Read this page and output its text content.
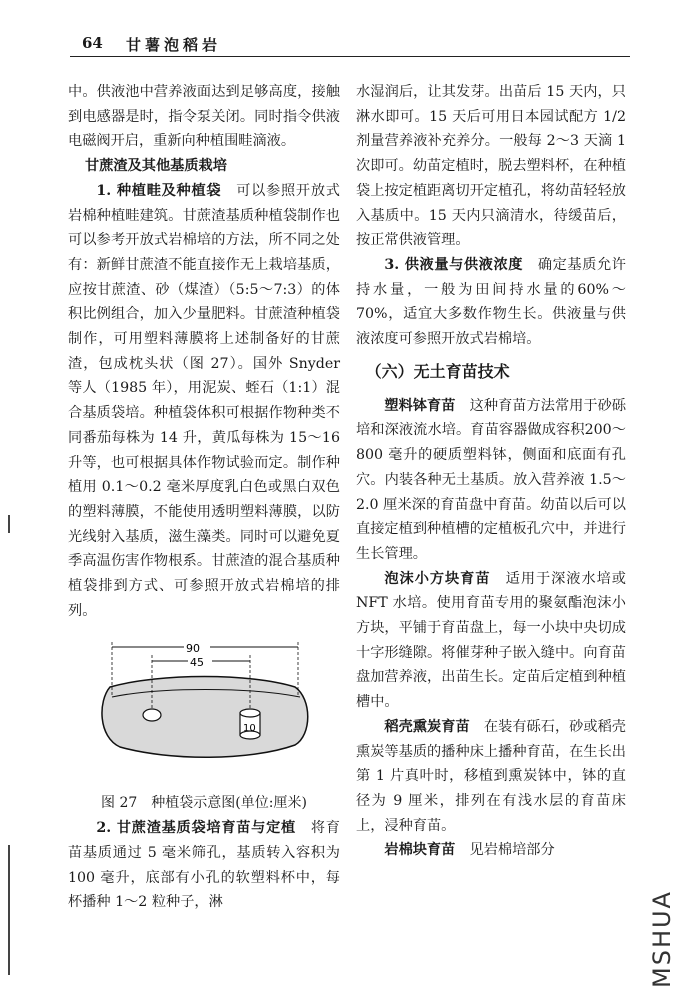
64 甘薯泡稻岩

中。供液池中营养液面达到足够高度，接触到电感器是时，指令泵关闭。同时指令供液电磁阀开启，重新向种植围畦滴液。

甘蔗渣及其他基质栽培

1. 种植畦及种植袋　 可以参照开放式岩棉种植畦建筑。甘蔗渣基质种植袋制作也可以参考开放式岩棉培的方法，所不同之处有：新鲜甘蔗渣不能直接作无上栽培基质，应按甘蔗渣、砂（煤渣）（5:5～7:3）的体积比例组合，加入少量肥料。甘蔗渣种植袋制作，可用塑料薄膜将上述制备好的甘蔗渣，包成枕头状（图 27）。国外 Snyder 等人（1985 年），用泥炭、蛭石（1:1）混合基质袋培。种植袋体积可根据作物种类不同番茄每株为 14 升，黄瓜每株为 15～16 升等，也可根据具体作物试验而定。制作种植用 0.1～0.2 毫米厚度乳白色或黑白双色的塑料薄膜，不能使用透明塑料薄膜，以防光线射入基质，滋生藻类。同时可以避免夏季高温伤害作物根系。甘蔗渣的混合基质种植袋排到方式、可参照开放式岩棉培的排列。

90
45
10

图 27　种植袋示意图(单位:厘米)

2. 甘蔗渣基质袋培育苗与定植　 将育苗基质通过 5 毫米筛孔，基质转入容积为 100 毫升，底部有小孔的软塑料杯中，每杯播种 1～2 粒种子，淋

水湿润后，让其发芽。出苗后 15 天内，只淋水即可。15 天后可用日本园试配方 1/2 剂量营养液补充养分。一般每 2～3 天滴 1 次即可。幼苗定植时，脱去塑料杯，在种植袋上按定植距离切开定植孔，将幼苗轻轻放入基质中。15 天内只滴清水，待缓苗后，按正常供液管理。

3. 供液量与供液浓度　 确定基质允许持水量，一般为田间持水量的60%～70%，适宜大多数作物生长。供液量与供液浓度可参照开放式岩棉培。

（六）无土育苗技术

塑料钵育苗　 这种育苗方法常用于砂砾培和深液流水培。育苗容器做成容积200～800 毫升的硬质塑料钵，侧面和底面有孔穴。内装各种无土基质。放入营养液 1.5～2.0 厘米深的育苗盘中育苗。幼苗以后可以直接定植到种植槽的定植板孔穴中，并进行生长管理。

泡沫小方块育苗　 适用于深液水培或 NFT 水培。使用育苗专用的聚氨酯泡沫小方块，平铺于育苗盘上，每一小块中央切成十字形缝隙。将催芽种子嵌入缝中。向育苗盘加营养液，出苗生长。定苗后定植到种植槽中。

稻壳熏炭育苗　 在装有砾石，砂或稻壳熏炭等基质的播种床上播种育苗，在生长出第 1 片真叶时，移植到熏炭钵中，钵的直径为 9 厘米，排列在有浅水层的育苗床上，浸种育苗。

岩棉块育苗　 见岩棉培部分

MSHUA
